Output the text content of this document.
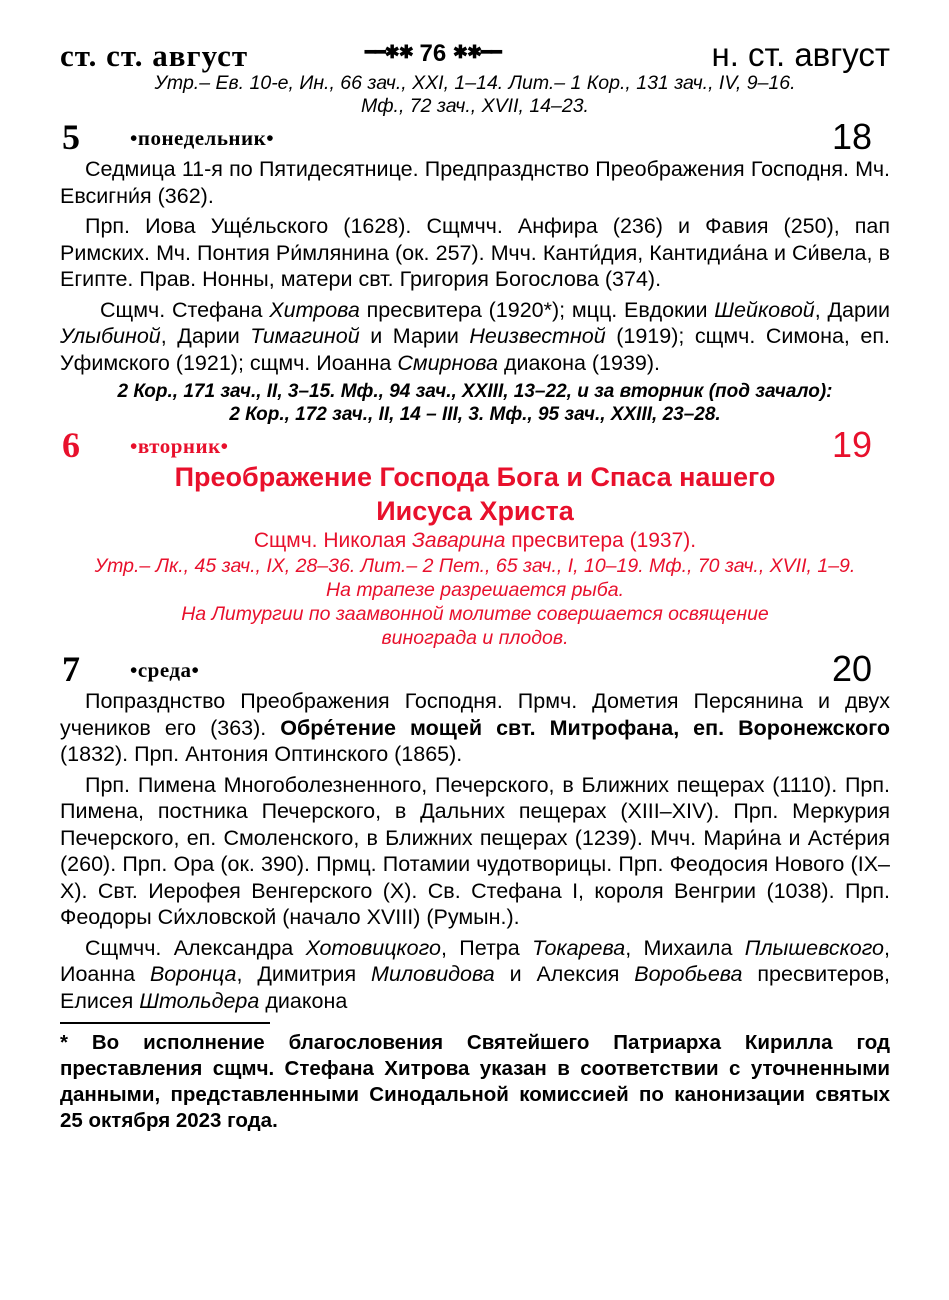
ст. ст. август	━━✱✱ 76 ✱✱━━	н. ст. август
Утр.– Ев. 10-е, Ин., 66 зач., XXI, 1–14. Лит.– 1 Кор., 131 зач., IV, 9–16.
Мф., 72 зач., XVII, 14–23.
5 •понедельник•	18

Седмица 11-я по Пятидесятнице. Предпразднство Преображения Господня. Мч. Евсигни́я (362).

Прп. Иова Уще́льского (1628). Сщмчч. Анфира (236) и Фавия (250), пап Римских. Мч. Понтия Ри́млянина (ок. 257). Мчч. Канти́дия, Кантидиа́на и Си́вела, в Египте. Прав. Нонны, матери свт. Григория Богослова (374).

Сщмч. Стефана Хитрова пресвитера (1920*); мцц. Евдокии Шейковой, Дарии Улыбиной, Дарии Тимагиной и Марии Неизвестной (1919); сщмч. Симона, еп. Уфимского (1921); сщмч. Иоанна Смирнова диакона (1939).

2 Кор., 171 зач., II, 3–15. Мф., 94 зач., XXIII, 13–22, и за вторник (под зачало):
2 Кор., 172 зач., II, 14 – III, 3. Мф., 95 зач., XXIII, 23–28.
6 •вторник•	19
Преображение Господа Бога и Спаса нашего
Иисуса Христа
Сщмч. Николая Заварина пресвитера (1937).
Утр.– Лк., 45 зач., IX, 28–36. Лит.– 2 Пет., 65 зач., I, 10–19. Мф., 70 зач., XVII, 1–9.
На трапезе разрешается рыба.
На Литургии по заамвонной молитве совершается освящение
винограда и плодов.
7 •среда•	20

Попразднство Преображения Господня. Прмч. Дометия Персянина и двух учеников его (363). Обре́тение мощей свт. Митрофана, еп. Воронежского (1832). Прп. Антония Оптинского (1865).

Прп. Пимена Многоболезненного, Печерского, в Ближних пещерах (1110). Прп. Пимена, постника Печерского, в Дальних пещерах (XIII–XIV). Прп. Меркурия Печерского, еп. Смоленского, в Ближних пещерах (1239). Мчч. Мари́на и Асте́рия (260). Прп. Ора (ок. 390). Прмц. Потамии чудотворицы. Прп. Феодосия Нового (IX–X). Свт. Иерофея Венгерского (X). Св. Стефана I, короля Венгрии (1038). Прп. Феодоры Си́хловской (начало XVIII) (Румын.).

Сщмчч. Александра Хотовицкого, Петра Токарева, Михаила Плышевского, Иоанна Воронца, Димитрия Миловидова и Алексия Воробьева пресвитеров, Елисея Штольдера диакона

* Во исполнение благословения Святейшего Патриарха Кирилла год преставления сщмч. Стефана Хитрова указан в соответствии с уточненными данными, представленными Синодальной комиссией по канонизации святых 25 октября 2023 года.
